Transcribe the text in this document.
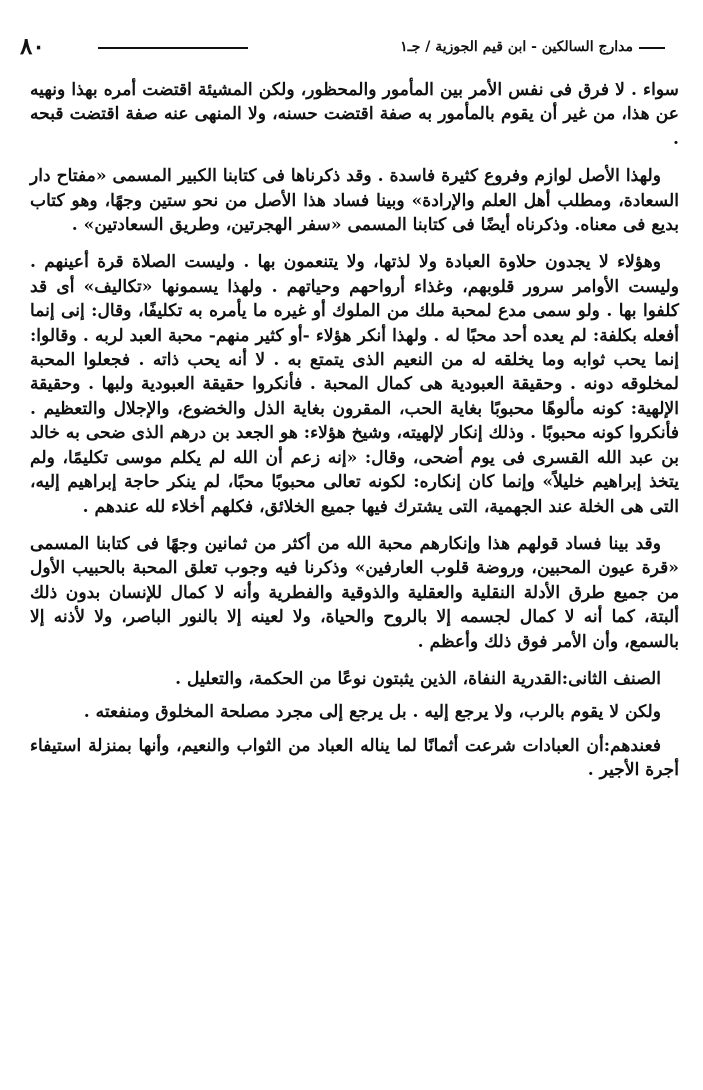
٨٠	مدارج السالكين - ابن قيم الجوزية / جـ١

سواء . لا فرق فى نفس الأمر بين المأمور والمحظور، ولكن المشيئة اقتضت أمره بهذا ونهيه عن هذا، من غير أن يقوم بالمأمور به صفة اقتضت حسنه، ولا المنهى عنه صفة اقتضت قبحه .

ولهذا الأصل لوازم وفروع كثيرة فاسدة . وقد ذكرناها فى كتابنا الكبير المسمى «مفتاح دار السعادة، ومطلب أهل العلم والإرادة» وبينا فساد هذا الأصل من نحو ستين وجهًا، وهو كتاب بديع فى معناه. وذكرناه أيضًا فى كتابنا المسمى «سفر الهجرتين، وطريق السعادتين» .

وهؤلاء لا يجدون حلاوة العبادة ولا لذتها، ولا يتنعمون بها . وليست الصلاة قرة أعينهم . وليست الأوامر سرور قلوبهم، وغذاء أرواحهم وحياتهم . ولهذا يسمونها «تكاليف» أى قد كلفوا بها . ولو سمى مدع لمحبة ملك من الملوك أو غيره ما يأمره به تكليفًا، وقال: إنى إنما أفعله بكلفة: لم يعده أحد محبًا له . ولهذا أنكر هؤلاء -أو كثير منهم- محبة العبد لربه . وقالوا: إنما يحب ثوابه وما يخلقه له من النعيم الذى يتمتع به . لا أنه يحب ذاته . فجعلوا المحبة لمخلوقه دونه . وحقيقة العبودية هى كمال المحبة . فأنكروا حقيقة العبودية ولبها . وحقيقة الإلهية: كونه مألوهًا محبوبًا بغاية الحب، المقرون بغاية الذل والخضوع، والإجلال والتعظيم . فأنكروا كونه محبوبًا . وذلك إنكار لإلهيته، وشيخ هؤلاء: هو الجعد بن درهم الذى ضحى به خالد بن عبد الله القسرى فى يوم أضحى، وقال: «إنه زعم أن الله لم يكلم موسى تكليمًا، ولم يتخذ إبراهيم خليلاً» وإنما كان إنكاره: لكونه تعالى محبوبًا محبًا، لم ينكر حاجة إبراهيم إليه، التى هى الخلة عند الجهمية، التى يشترك فيها جميع الخلائق، فكلهم أخلاء لله عندهم .

وقد بينا فساد قولهم هذا وإنكارهم محبة الله من أكثر من ثمانين وجهًا فى كتابنا المسمى «قرة عيون المحبين، وروضة قلوب العارفين» وذكرنا فيه وجوب تعلق المحبة بالحبيب الأول من جميع طرق الأدلة النقلية والعقلية والذوقية والفطرية وأنه لا كمال للإنسان بدون ذلك ألبتة، كما أنه لا كمال لجسمه إلا بالروح والحياة، ولا لعينه إلا بالنور الباصر، ولا لأذنه إلا بالسمع، وأن الأمر فوق ذلك وأعظم .

الصنف الثانى:القدرية النفاة، الذين يثبتون نوعًا من الحكمة، والتعليل .

ولكن لا يقوم بالرب، ولا يرجع إليه . بل يرجع إلى مجرد مصلحة المخلوق ومنفعته .

فعندهم:أن العبادات شرعت أثمانًا لما يناله العباد من الثواب والنعيم، وأنها بمنزلة استيفاء أجرة الأجير .
